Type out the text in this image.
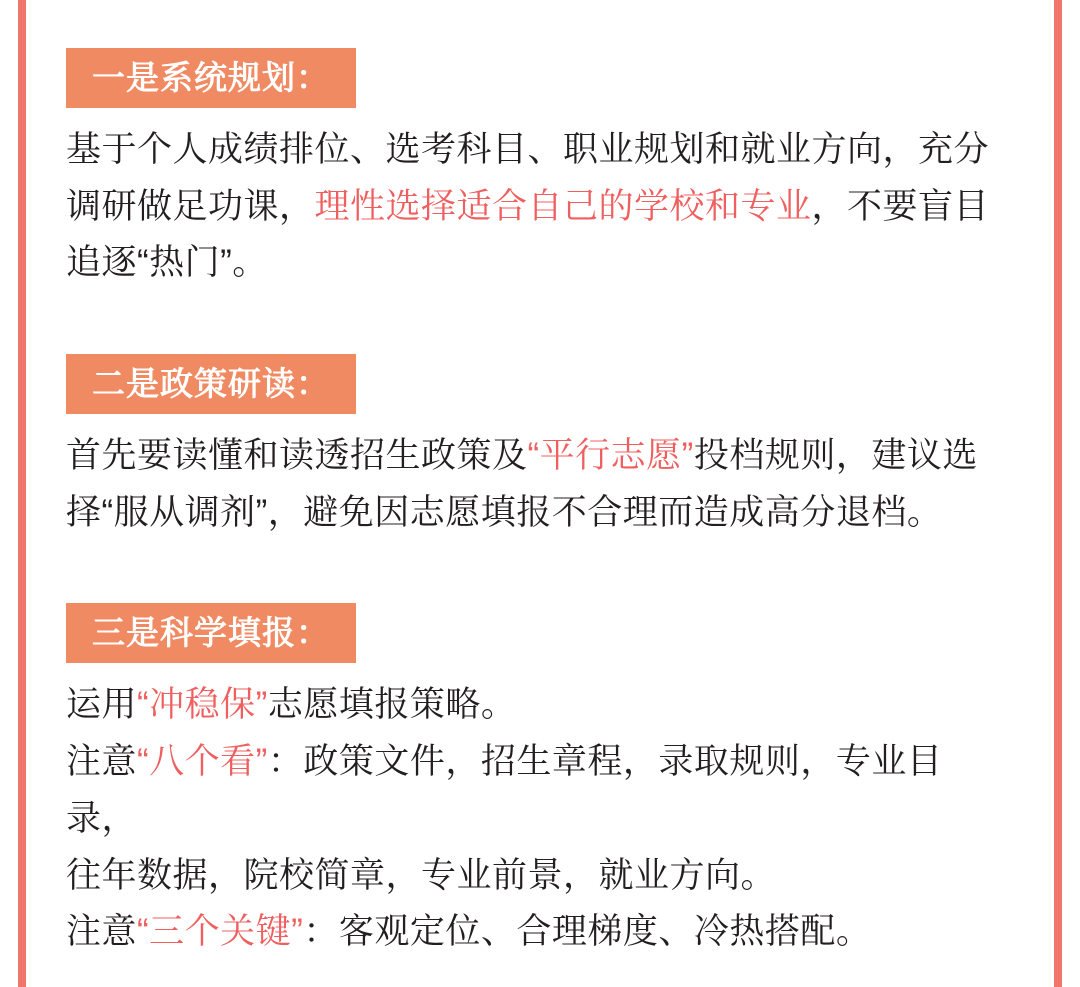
一是系统规划：

基于个人成绩排位、选考科目、职业规划和就业方向，充分调研做足功课，理性选择适合自己的学校和专业，不要盲目追逐“热门”。

二是政策研读：

首先要读懂和读透招生政策及“平行志愿”投档规则，建议选择“服从调剂”，避免因志愿填报不合理而造成高分退档。

三是科学填报：

运用“冲稳保”志愿填报策略。
注意“八个看”：政策文件，招生章程，录取规则，专业目录，
往年数据，院校简章，专业前景，就业方向。
注意“三个关键”：客观定位、合理梯度、冷热搭配。
